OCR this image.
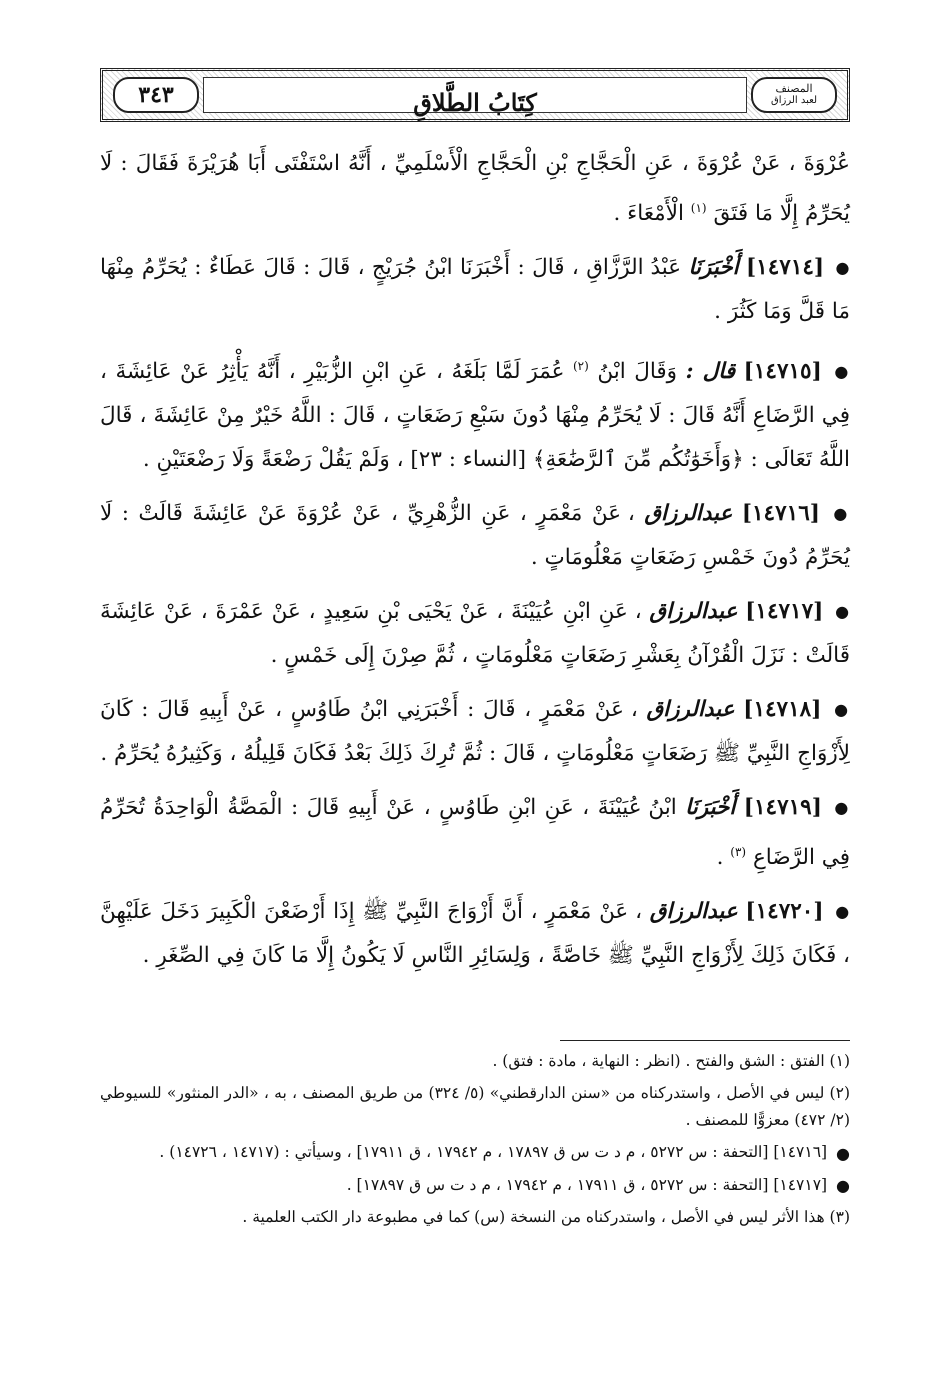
كِتَابُ الطَّلاقِ
٣٤٣	المصنف
لعبد الرزاق

عُرْوَةَ ، عَنْ عُرْوَةَ ، عَنِ الْحَجَّاجِ بْنِ الْحَجَّاجِ الْأَسْلَمِيِّ ، أَنَّهُ اسْتَفْتَى أَبَا هُرَيْرَةَ فَقَالَ : لَا يُحَرِّمُ إِلَّا مَا فَتَقَ $^{(١)}$ الْأَمْعَاءَ .

● [١٤٧١٤] أَخْبَرَنَا عَبْدُ الرَّزَّاقِ ، قَالَ : أَخْبَرَنَا ابْنُ جُرَيْجٍ ، قَالَ : قَالَ عَطَاءٌ : يُحَرِّمُ مِنْهَا مَا قَلَّ وَمَا كَثُرَ .

● [١٤٧١٥] قال : وَقَالَ ابْنُ $^{(٢)}$ عُمَرَ لَمَّا بَلَغَهُ ، عَنِ ابْنِ الزُّبَيْرِ ، أَنَّهُ يَأْثِرُ عَنْ عَائِشَةَ ، فِي الرَّضَاعِ أَنَّهُ قَالَ : لَا يُحَرِّمُ مِنْهَا دُونَ سَبْعِ رَضَعَاتٍ ، قَالَ : اللَّهُ خَيْرٌ مِنْ عَائِشَةَ ، قَالَ اللَّهُ تَعَالَى : ﴿وَأَخَوَٰتُكُم مِّنَ ٱلرَّضَٰعَةِ﴾ [النساء : ٢٣] ، وَلَمْ يَقُلْ رَضْعَةً وَلَا رَضْعَتَيْنِ .

● [١٤٧١٦] عبدالرزاق ، عَنْ مَعْمَرٍ ، عَنِ الزُّهْرِيِّ ، عَنْ عُرْوَةَ عَنْ عَائِشَةَ قَالَتْ : لَا يُحَرِّمُ دُونَ خَمْسِ رَضَعَاتٍ مَعْلُومَاتٍ .

● [١٤٧١٧] عبدالرزاق ، عَنِ ابْنِ عُيَيْنَةَ ، عَنْ يَحْيَى بْنِ سَعِيدٍ ، عَنْ عَمْرَةَ ، عَنْ عَائِشَةَ قَالَتْ : نَزَلَ الْقُرْآنُ بِعَشْرِ رَضَعَاتٍ مَعْلُومَاتٍ ، ثُمَّ صِرْنَ إِلَى خَمْسٍ .

● [١٤٧١٨] عبدالرزاق ، عَنْ مَعْمَرٍ ، قَالَ : أَخْبَرَنِي ابْنُ طَاوُسٍ ، عَنْ أَبِيهِ قَالَ : كَانَ لِأَزْوَاجِ النَّبِيِّ ﷺ رَضَعَاتٍ مَعْلُومَاتٍ ، قَالَ : ثُمَّ تُرِكَ ذَلِكَ بَعْدُ فَكَانَ قَلِيلُهُ ، وَكَثِيرُهُ يُحَرِّمُ .

● [١٤٧١٩] أَخْبَرَنَا ابْنُ عُيَيْنَةَ ، عَنِ ابْنِ طَاوُسٍ ، عَنْ أَبِيهِ قَالَ : الْمَصَّةُ الْوَاحِدَةُ تُحَرِّمُ فِي الرَّضَاعِ $^{(٣)}$ .

● [١٤٧٢٠] عبدالرزاق ، عَنْ مَعْمَرٍ ، أَنَّ أَزْوَاجَ النَّبِيِّ ﷺ إِذَا أَرْضَعْنَ الْكَبِيرَ دَخَلَ عَلَيْهِنَّ ، فَكَانَ ذَلِكَ لِأَزْوَاجِ النَّبِيِّ ﷺ خَاصَّةً ، وَلِسَائِرِ النَّاسِ لَا يَكُونُ إِلَّا مَا كَانَ فِي الصِّغَرِ .

(١) الفتق : الشق والفتح . (انظر : النهاية ، مادة : فتق) .

(٢) ليس في الأصل ، واستدركناه من «سنن الدارقطني» (٥/ ٣٢٤) من طريق المصنف ، به ، «الدر المنثور» للسيوطي (٢/ ٤٧٢) معزوًّا للمصنف .

● [١٤٧١٦] [التحفة : س ٥٢٧٢ ، م د ت س ق ١٧٨٩٧ ، م ١٧٩٤٢ ، ق ١٧٩١١] ، وسيأتي : (١٤٧١٧ ، ١٤٧٢٦) .

● [١٤٧١٧] [التحفة : س ٥٢٧٢ ، ق ١٧٩١١ ، م ١٧٩٤٢ ، م د ت س ق ١٧٨٩٧] .

(٣) هذا الأثر ليس في الأصل ، واستدركناه من النسخة (س) كما في مطبوعة دار الكتب العلمية .
